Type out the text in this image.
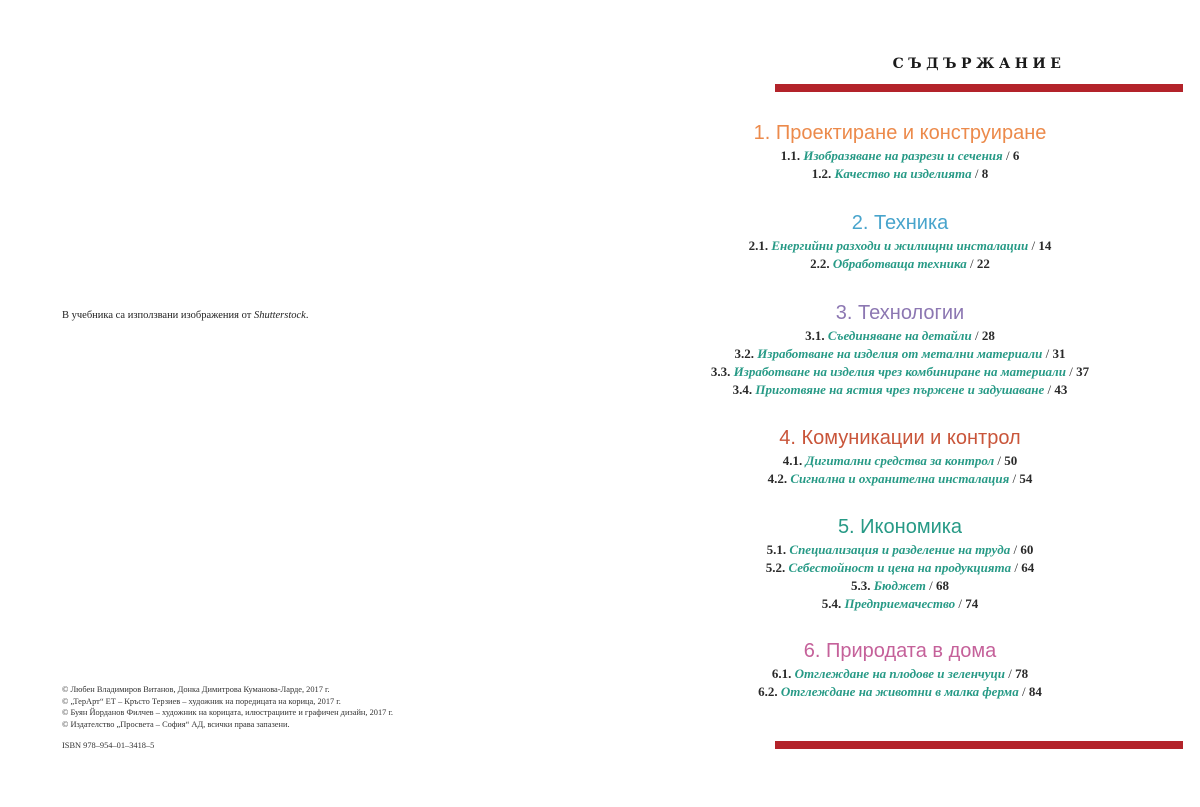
В учебника са използвани изображения от Shutterstock.
© Любен Владимиров Витанов, Донка Димитрова Куманова-Ларде, 2017 г.
© „ТерАрт“ ЕТ – Кръсто Терзиев – художник на поредицата на корица, 2017 г.
© Буян Йорданов Филчев – художник на корицата, илюстрациите и графичен дизайн, 2017 г.
© Издателство „Просвета – София“ АД, всички права запазени.
ISBN 978–954–01–3418–5
СЪДЪРЖАНИЕ
1. Проектиране и конструиране
1.1. Изобразяване на разрези и сечения / 6
1.2. Качество на изделията / 8
2. Техника
2.1. Енергийни разходи и жилищни инсталации / 14
2.2. Обработваща техника / 22
3. Технологии
3.1. Съединяване на детайли / 28
3.2. Изработване на изделия от метални материали / 31
3.3. Изработване на изделия чрез комбиниране на материали / 37
3.4. Приготвяне на ястия чрез пържене и задушаване / 43
4. Комуникации и контрол
4.1. Дигитални средства за контрол / 50
4.2. Сигнална и охранителна инсталация / 54
5. Икономика
5.1. Специализация и разделение на труда / 60
5.2. Себестойност и цена на продукцията / 64
5.3. Бюджет / 68
5.4. Предприемачество / 74
6. Природата в дома
6.1. Отглеждане на плодове и зеленчуци / 78
6.2. Отглеждане на животни в малка ферма / 84
